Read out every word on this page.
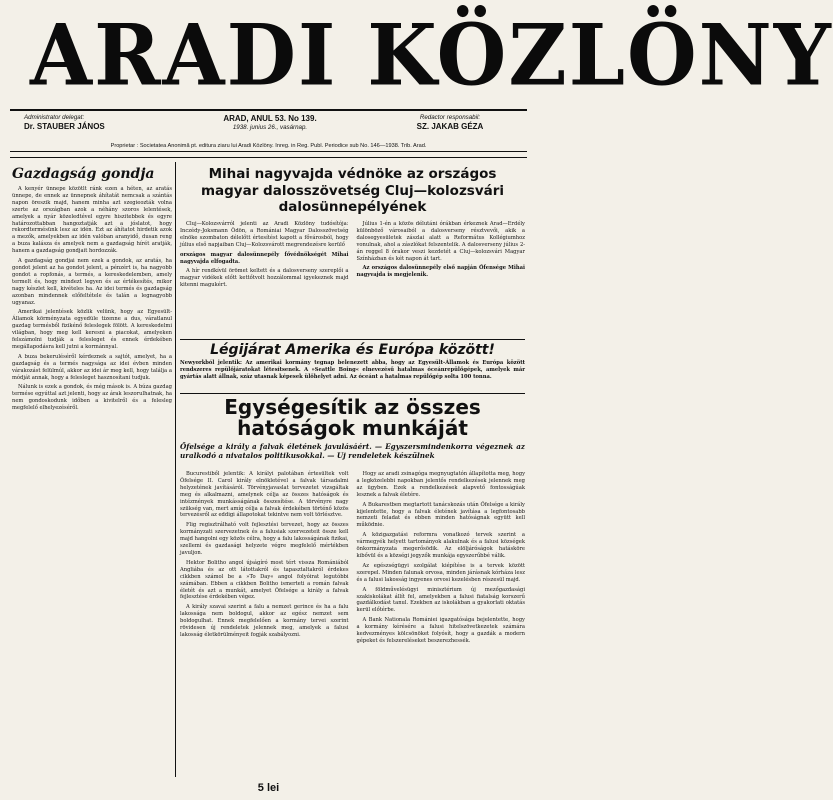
ARADI KÖZLÖNY
Administrator delegat:
Dr. STAUBER JÁNOS
ARAD, ANUL 53. No 139.
1938. junius 26., vasárnap.
Redactor responsabil:
SZ. JAKAB GÉZA
Proprietar : Societatea Anonimă pt. editura ziaru lui Aradi Közlöny. Inreg. in Reg. Publ. Periodice sub No. 146—1938. Trib. Arad.
Gazdagság gondja

A kenyér ünnepe közötlt ránk ezen a héten, az aratás ünnepe, de ennek az ünnepnek áhítatát nemcsak a szántás napon öreszik majd, hanem minha azt szegieozták volna szerte az országban azok a néhány szoros lelentések, amelyek a nyár közeledtével egyre hiszitebbek és egyre határozottabban hangoztatják azt a jóslatot, hogy rekordtermésünk lesz az idén. Ezt az áhítatot hirdetik azok a mezők, amelyekben az idén valóban aranyidő, dusan reng a buza kalásza és amelyek nem a gazdagság hírét aratják, hanem a gazdagság gondjait hordozzák.

A gazdagság gondjai nem ezek a gondok, az aratás, ha gondot jelent az ha gondot jelent, a pénzért is, ha nagyobb gondot a ropfonás, a termés, a kereskedelemben, amely termelt és, hogy mindezt legyen és az értékesítés, mikor nagy készlet kell, kivételes ha. Az idei termés és gazdagság azonban mindennek előfeltétele és talán a legnagyobb ugyanaz.

Amerikai jelentések közlik velünk, hogy az Egyesült-Államok körményzata egyedüle tizenne a dus, váratlanul gazdag termésből fizikénő feleslegek fölött. A kereskedelmi világban, hogy meg kell keresni a piacokat, amelyeken felszámolni tudják a felesleget és ennek érdekében megállapodásra kell jutni a kormánnyal.

A buza bekeruléséről kérdeznek a sajtót, amelyet, ha a gazdagság és a termés nagysága az idei évben minden várakozást felülmúl, akkor az idei ár meg kell, hogy találja a módját annak, hogy a felesleget hasznosítani tudjuk.

Nálunk is ezek a gondok, és még mások is. A búza gazdag termése egyúttal azt jelenti, hogy az árak leszorulhatnak, ha nem gondoskodunk időben a kivitelről és a felesleg megfelelő elhelyezéséről.

Mihai nagyvajda védnöke az országos magyar dalosszövetség Cluj—kolozsvári dalosünnepélyének

Cluj—Kolozsvárról jelenti az Aradi Közlöny tudósítója: Inczédy-Joksmann Ödön, a Romániai Magyar Dalosszövetség elnöke szombaton délelőtt értesítést kapott a fővárosból, hogy július első napjaiban Cluj—Kolozsvárott megrendezésre kerülő

országos magyar dalosünnepély fővédnökségét Mihai nagyvajda elfogadta.

A hír rendkívül örömet keltett és a dalosverseny szereplői a magyar vidékek előtt kettőtvolt hozzálommal igyekeznek majd kitenni magukért.

Július 1-én a közös délutáni órákban érkeznek Arad—Erdély különböző városaiból a dalosverseny résztvevői, akik a dalosegyesületek zászlai alatt a Református Kollégiumhoz vonulnak, ahol a zászlókat felszentelik. A dalosverseny július 2-án reggel 8 órakor veszi kezdetét a Cluj—kolozsvári Magyar Színházban és két napon át tart.

Az országos dalosünnepély első napján Őfensége Mihai nagyvajda is megjelenik.

Légijárat Amerika és Európa között!
Newyorkból jelentik: Az amerikai kormány tegnap belenezett abba, hogy az Egyesült-Államok és Európa között rendszeres repülőjáratokat létesítsenek. A »Seattle Boing« elnevezésű hatalmas óceánrepülőgépek, amelyek már gyártás alatt állnak, száz utasnak képesek ülőhelyet adni. Az óceánt a hatalmas repülőgép solta 100 tonna.
Egységesítik az összes hatóságok munkáját
Őfelsége a király a falvak életének javulásáért. — Egyszersmindenkorra végeznek az uralkodó a nivatalos politikusokkal. — Uj rendeletek készülnek

Bucurestiből jelentik: A királyi palotában értesültek volt Őfelsége II. Carol király elnökletével a falvak társadalmi helyzetének javításáról. Törvényjavaslat tervezetet vizsgáltak meg és alkalmazni, amelynek célja az összes hatóságok és intézmények munkásságának összesítése. A törvényre nagy szükség van, mert amíg célja a falvak érdekében történő közös tervezésről az eddigi állapotokat tekintve nem volt törlésztve.

Flig regisztrálható volt fejlesztési tervezet, hogy az összes kormányzati szervezetnek és a falusiak szervezeteit össze kell majd hangolni egy közös célra, hogy a falu lakosságának fizikai, szellemi és gazdasági helyzete végre megfelelő mértékben javuljon.

Hektor Bolitho angol újságíró most tért vissza Romániából Angliába és az ott látottakról és tapasztaltakról érdekes cikkben számol be a »To Day« angol folyóirat legutóbbi számában. Ebben a cikkben Bolitho ismerteti a román falvak életét és azt a munkát, amelyet Őfelsége a király a falvak fejlesztése érdekében végez.

A király szavai szerint a falu a nemzet gerince és ha a falu lakossága nem boldogul, akkor az egész nemzet sem boldogulhat. Ennek megfelelően a kormány tervei szerint rövidesen új rendeletek jelennek meg, amelyek a falusi lakosság életkörülményeit fogják szabályozni.

Hogy az aradi zsinagóga megnyugtatón állapította meg, hogy a legközelebbi napokban jelentős rendelkezések jelennek meg az ügyben. Ezek a rendelkezések alapvető fontosságúak lesznek a falvak életére.

A Bukarestben megtartott tanácskozás után Őfelsége a király kijelentette, hogy a falvak életének javítása a legfontosabb nemzeti feladat és ebben minden hatóságnak együtt kell működnie.

A közigazgatási reformra vonatkozó tervek szerint a vármegyék helyett tartományok alakulnak és a falusi községek önkormányzata megerősödik. Az elöljáróságok hatásköre kibővül és a községi jegyzők munkája egyszerűbbé válik.

Az egészségügyi szolgálat kiépítése is a tervek között szerepel. Minden falunak orvosa, minden járásnak kórháza lesz és a falusi lakosság ingyenes orvosi kezelésben részesül majd.

A földművelésügyi minisztérium új mezőgazdasági szakiskolákat állít fel, amelyekben a falusi fiatalság korszerű gazdálkodást tanul. Ezekben az iskolákban a gyakorlati oktatás kerül előtérbe.

A Bank Nationala Romániei igazgatósága bejelentette, hogy a kormány kérésére a falusi hitelszövetkezetek számára kedvezményes kölcsönöket folyósít, hogy a gazdák a modern gépeket és felszereléseket beszerezhessék.

5 lei
